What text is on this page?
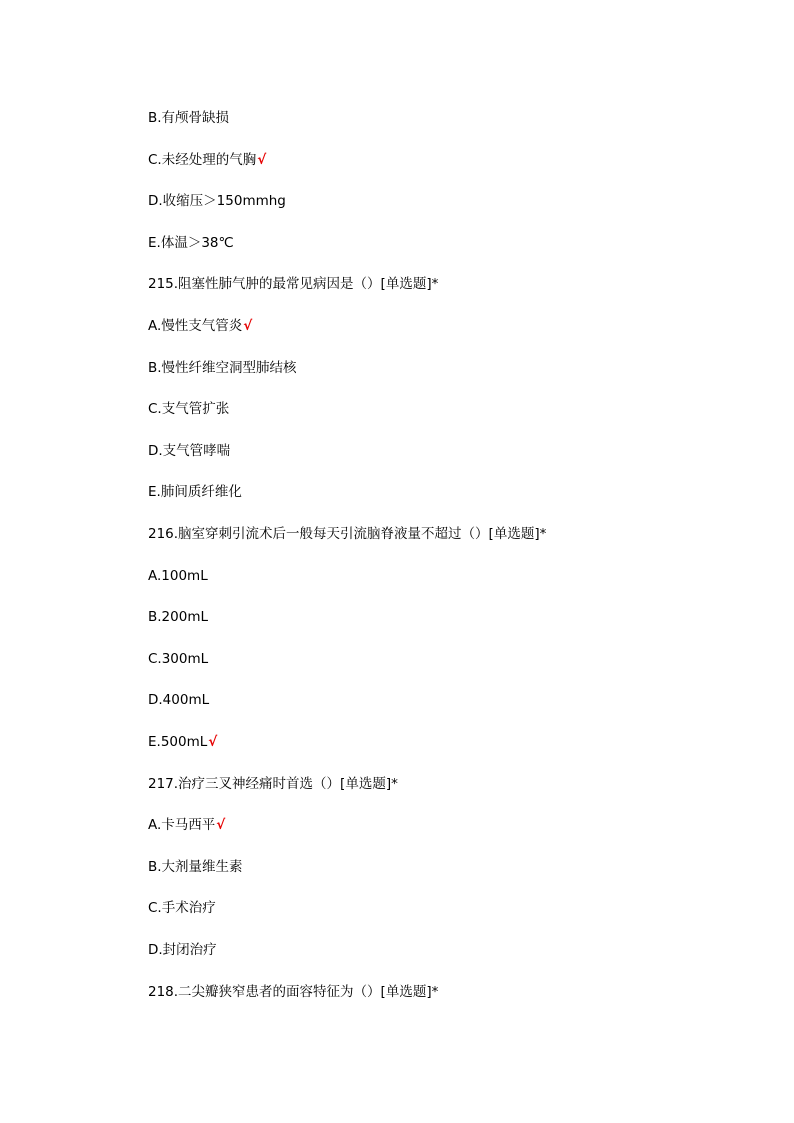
B.有颅骨缺损
C.未经处理的气胸√
D.收缩压＞150mmhg
E.体温＞38℃
215.阻塞性肺气肿的最常见病因是（）[单选题]*
A.慢性支气管炎√
B.慢性纤维空洞型肺结核
C.支气管扩张
D.支气管哮喘
E.肺间质纤维化
216.脑室穿刺引流术后一般每天引流脑脊液量不超过（）[单选题]*
A.100mL
B.200mL
C.300mL
D.400mL
E.500mL√
217.治疗三叉神经痛时首选（）[单选题]*
A.卡马西平√
B.大剂量维生素
C.手术治疗
D.封闭治疗
218.二尖瓣狭窄患者的面容特征为（）[单选题]*
